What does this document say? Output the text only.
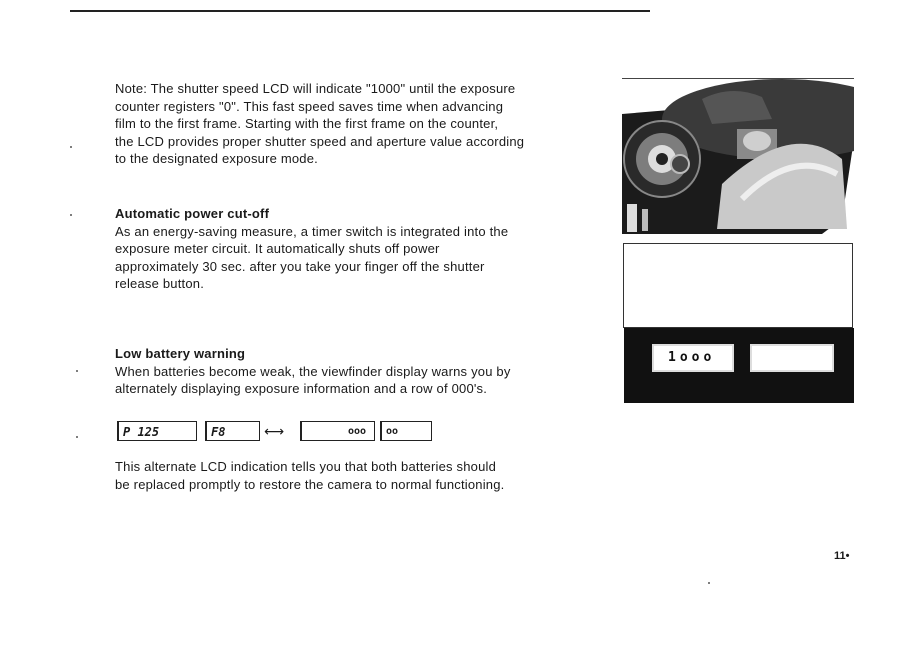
Note: The shutter speed LCD will indicate "1000" until the exposure

counter registers "0". This fast speed saves time when advancing

film to the first frame. Starting with the first frame on the counter,

the LCD provides proper shutter speed and aperture value according

to the designated exposure mode.

Automatic power cut-off

As an energy-saving measure, a timer switch is integrated into the

exposure meter circuit. It automatically shuts off power

approximately 30 sec. after you take your finger off the shutter

release button.

Low battery warning

When batteries become weak, the viewfinder display warns you by

alternately displaying exposure information and a row of 000's.

P 125	F8	⟷	ooo	oo

This alternate LCD indication tells you that both batteries should

be replaced promptly to restore the camera to normal functioning.

1ooo
11•
